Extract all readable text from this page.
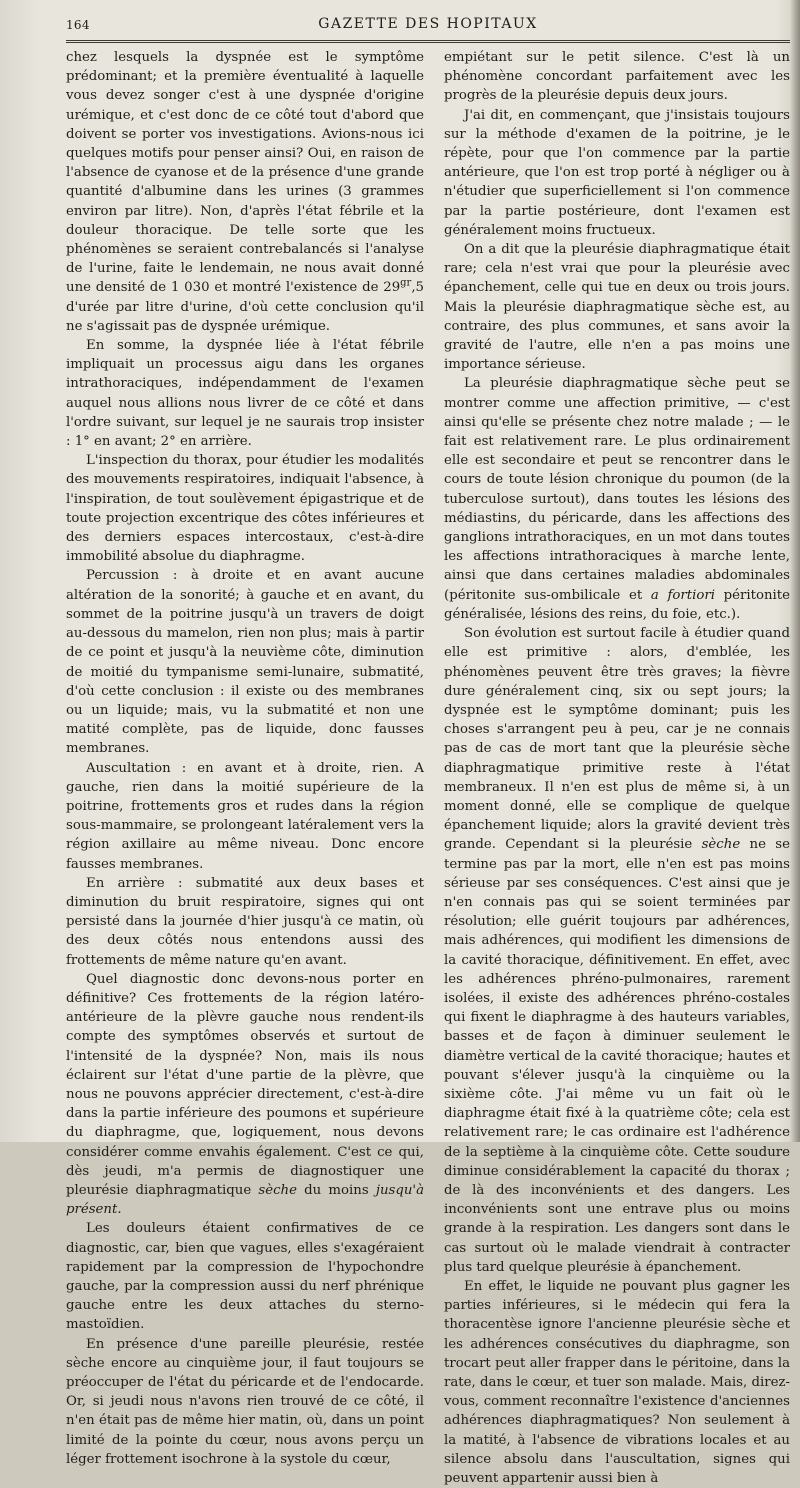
164	GAZETTE DES HOPITAUX

chez lesquels la dyspnée est le symptôme prédominant; et la première éventualité à laquelle vous devez songer c'est à une dyspnée d'origine urémique, et c'est donc de ce côté tout d'abord que doivent se porter vos investigations. Avions-nous ici quelques motifs pour penser ainsi? Oui, en raison de l'absence de cyanose et de la présence d'une grande quantité d'albumine dans les urines (3 grammes environ par litre). Non, d'après l'état fébrile et la douleur thoracique. De telle sorte que les phénomènes se seraient contrebalancés si l'analyse de l'urine, faite le lendemain, ne nous avait donné une densité de 1 030 et montré l'existence de $29^{gr},5$ d'urée par litre d'urine, d'où cette conclusion qu'il ne s'agissait pas de dyspnée urémique.

En somme, la dyspnée liée à l'état fébrile impliquait un processus aigu dans les organes intrathoraciques, indépendamment de l'examen auquel nous allions nous livrer de ce côté et dans l'ordre suivant, sur lequel je ne saurais trop insister : 1° en avant; 2° en arrière.

L'inspection du thorax, pour étudier les modalités des mouvements respiratoires, indiquait l'absence, à l'inspiration, de tout soulèvement épigastrique et de toute projection excentrique des côtes inférieures et des derniers espaces intercostaux, c'est-à-dire immobilité absolue du diaphragme.

Percussion : à droite et en avant aucune altération de la sonorité; à gauche et en avant, du sommet de la poitrine jusqu'à un travers de doigt au-dessous du mamelon, rien non plus; mais à partir de ce point et jusqu'à la neuvième côte, diminution de moitié du tympanisme semi-lunaire, submatité, d'où cette conclusion : il existe ou des membranes ou un liquide; mais, vu la submatité et non une matité complète, pas de liquide, donc fausses membranes.

Auscultation : en avant et à droite, rien. A gauche, rien dans la moitié supérieure de la poitrine, frottements gros et rudes dans la région sous-mammaire, se prolongeant latéralement vers la région axillaire au même niveau. Donc encore fausses membranes.

En arrière : submatité aux deux bases et diminution du bruit respiratoire, signes qui ont persisté dans la journée d'hier jusqu'à ce matin, où des deux côtés nous entendons aussi des frottements de même nature qu'en avant.

Quel diagnostic donc devons-nous porter en définitive? Ces frottements de la région latéro-antérieure de la plèvre gauche nous rendent-ils compte des symptômes observés et surtout de l'intensité de la dyspnée? Non, mais ils nous éclairent sur l'état d'une partie de la plèvre, que nous ne pouvons apprécier directement, c'est-à-dire dans la partie inférieure des poumons et supérieure du diaphragme, que, logiquement, nous devons considérer comme envahis également. C'est ce qui, dès jeudi, m'a permis de diagnostiquer une pleurésie diaphragmatique sèche du moins jusqu'à présent.

Les douleurs étaient confirmatives de ce diagnostic, car, bien que vagues, elles s'exagéraient rapidement par la compression de l'hypochondre gauche, par la compression aussi du nerf phrénique gauche entre les deux attaches du sterno-mastoïdien.

En présence d'une pareille pleurésie, restée sèche encore au cinquième jour, il faut toujours se préoccuper de l'état du péricarde et de l'endocarde. Or, si jeudi nous n'avons rien trouvé de ce côté, il n'en était pas de même hier matin, où, dans un point limité de la pointe du cœur, nous avons perçu un léger frottement isochrone à la systole du cœur,

empiétant sur le petit silence. C'est là un phénomène concordant parfaitement avec les progrès de la pleurésie depuis deux jours.

J'ai dit, en commençant, que j'insistais toujours sur la méthode d'examen de la poitrine, je le répète, pour que l'on commence par la partie antérieure, que l'on est trop porté à négliger ou à n'étudier que superficiellement si l'on commence par la partie postérieure, dont l'examen est généralement moins fructueux.

On a dit que la pleurésie diaphragmatique était rare; cela n'est vrai que pour la pleurésie avec épanchement, celle qui tue en deux ou trois jours. Mais la pleurésie diaphragmatique sèche est, au contraire, des plus communes, et sans avoir la gravité de l'autre, elle n'en a pas moins une importance sérieuse.

La pleurésie diaphragmatique sèche peut se montrer comme une affection primitive, — c'est ainsi qu'elle se présente chez notre malade ; — le fait est relativement rare. Le plus ordinairement elle est secondaire et peut se rencontrer dans le cours de toute lésion chronique du poumon (de la tuberculose surtout), dans toutes les lésions des médiastins, du péricarde, dans les affections des ganglions intrathoraciques, en un mot dans toutes les affections intrathoraciques à marche lente, ainsi que dans certaines maladies abdominales (péritonite sus-ombilicale et a fortiori péritonite généralisée, lésions des reins, du foie, etc.).

Son évolution est surtout facile à étudier quand elle est primitive : alors, d'emblée, les phénomènes peuvent être très graves; la fièvre dure généralement cinq, six ou sept jours; la dyspnée est le symptôme dominant; puis les choses s'arrangent peu à peu, car je ne connais pas de cas de mort tant que la pleurésie sèche diaphragmatique primitive reste à l'état membraneux. Il n'en est plus de même si, à un moment donné, elle se complique de quelque épanchement liquide; alors la gravité devient très grande. Cependant si la pleurésie sèche ne se termine pas par la mort, elle n'en est pas moins sérieuse par ses conséquences. C'est ainsi que je n'en connais pas qui se soient terminées par résolution; elle guérit toujours par adhérences, mais adhérences, qui modifient les dimensions de la cavité thoracique, définitivement. En effet, avec les adhérences phréno-pulmonaires, rarement isolées, il existe des adhérences phréno-costales qui fixent le diaphragme à des hauteurs variables, basses et de façon à diminuer seulement le diamètre vertical de la cavité thoracique; hautes et pouvant s'élever jusqu'à la cinquième ou la sixième côte. J'ai même vu un fait où le diaphragme était fixé à la quatrième côte; cela est relativement rare; le cas ordinaire est l'adhérence de la septième à la cinquième côte. Cette soudure diminue considérablement la capacité du thorax ; de là des inconvénients et des dangers. Les inconvénients sont une entrave plus ou moins grande à la respiration. Les dangers sont dans le cas surtout où le malade viendrait à contracter plus tard quelque pleurésie à épanchement.

En effet, le liquide ne pouvant plus gagner les parties inférieures, si le médecin qui fera la thoracentèse ignore l'ancienne pleurésie sèche et les adhérences consécutives du diaphragme, son trocart peut aller frapper dans le péritoine, dans la rate, dans le cœur, et tuer son malade. Mais, direz-vous, comment reconnaître l'existence d'anciennes adhérences diaphragmatiques? Non seulement à la matité, à l'absence de vibrations locales et au silence absolu dans l'auscultation, signes qui peuvent appartenir aussi bien à
